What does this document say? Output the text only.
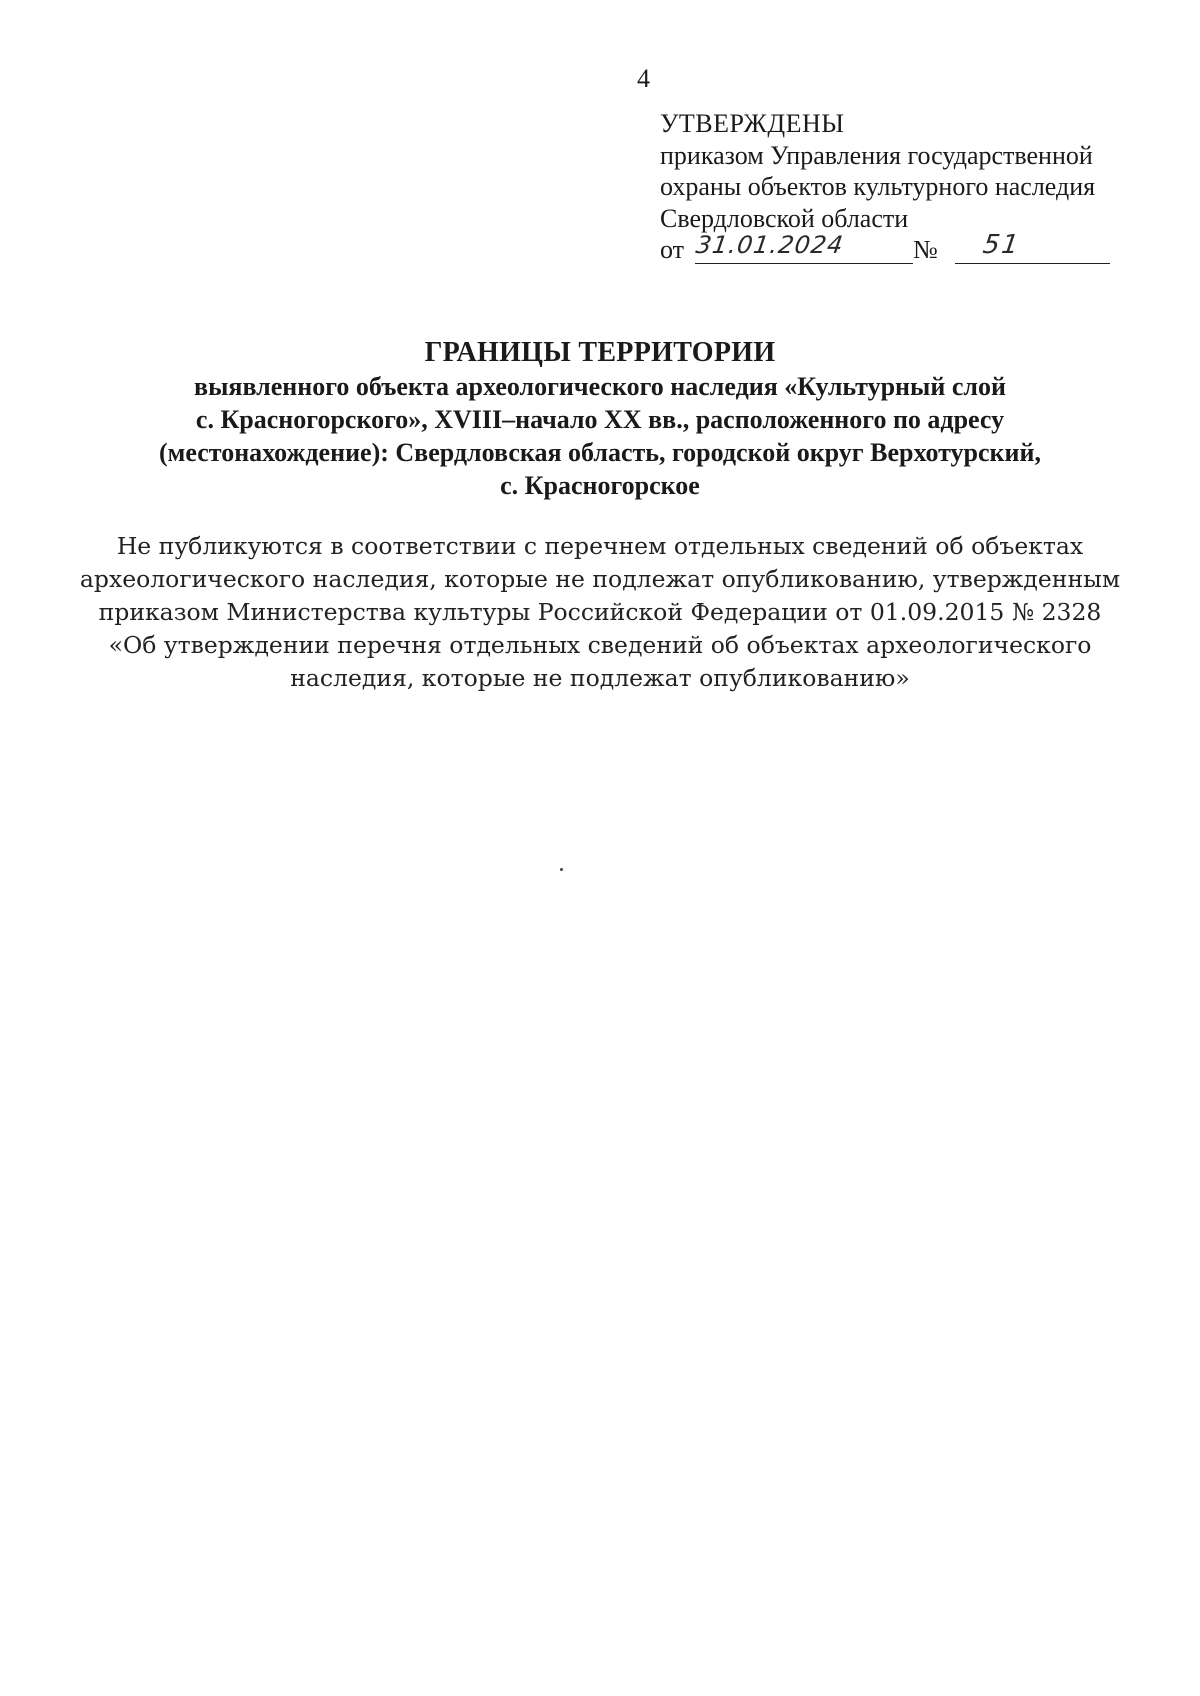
4
УТВЕРЖДЕНЫ
приказом Управления государственной
охраны объектов культурного наследия
Свердловской области
от 31.01.2024	№ 51
ГРАНИЦЫ ТЕРРИТОРИИ
выявленного объекта археологического наследия «Культурный слой
с. Красногорского», XVIII–начало XX вв., расположенного по адресу
(местонахождение): Свердловская область, городской округ Верхотурский,
с. Красногорское
Не публикуются в соответствии с перечнем отдельных сведений об объектах
археологического наследия, которые не подлежат опубликованию, утвержденным
приказом Министерства культуры Российской Федерации от 01.09.2015 № 2328
«Об утверждении перечня отдельных сведений об объектах археологического
наследия, которые не подлежат опубликованию»
